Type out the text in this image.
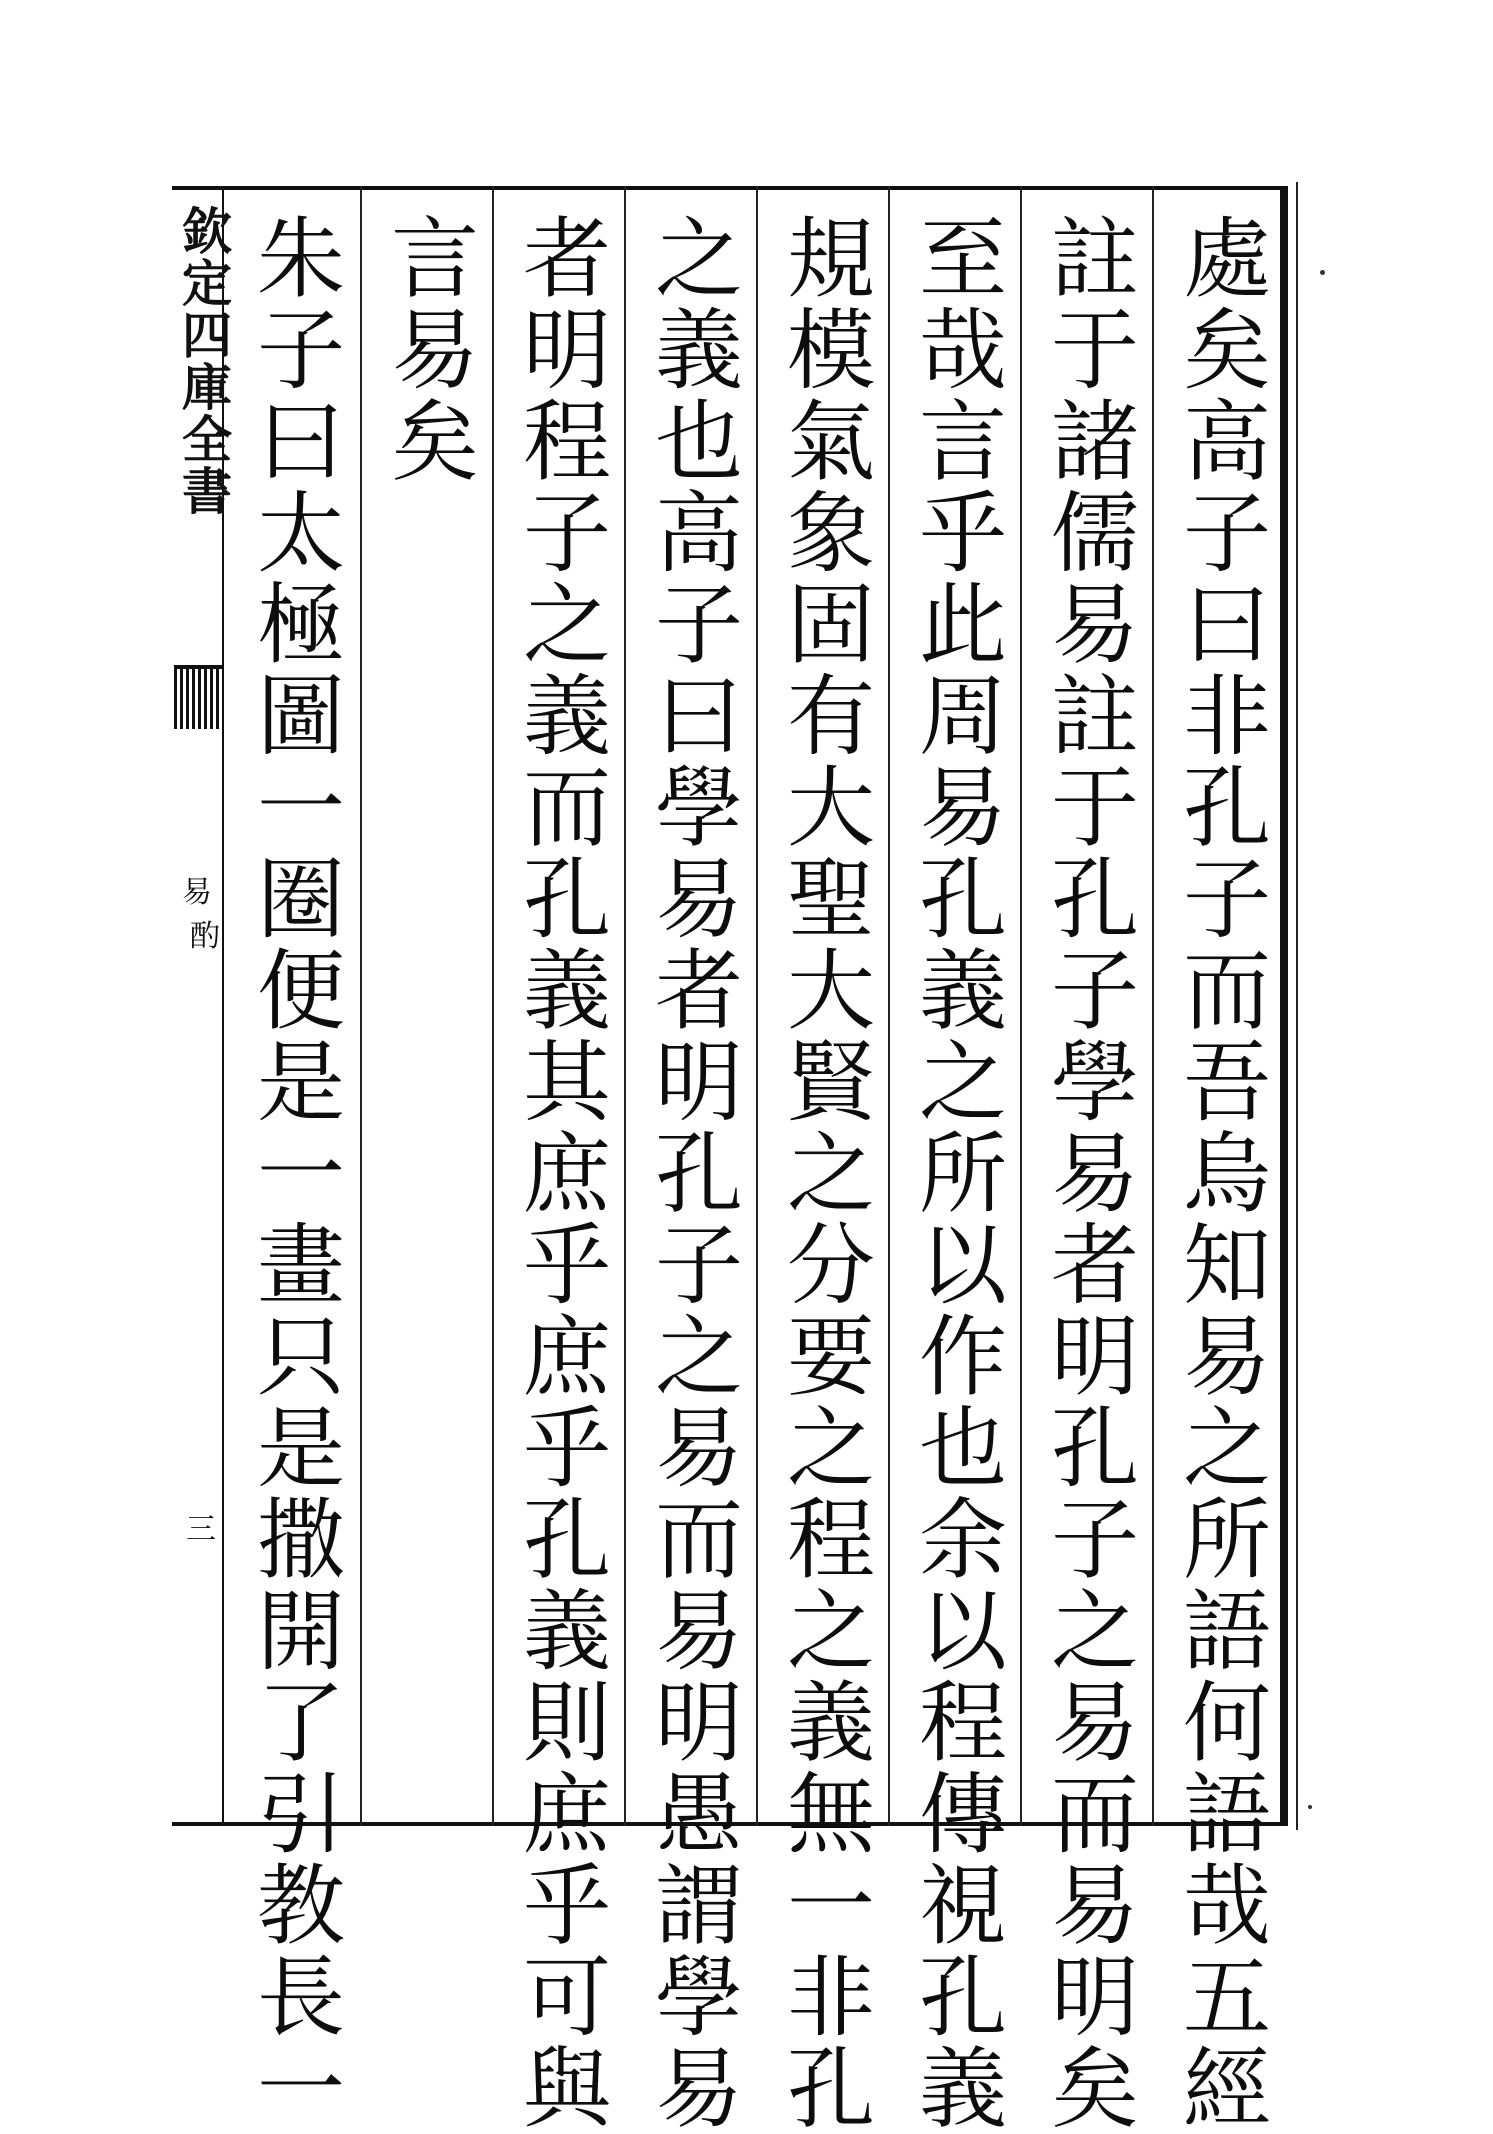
欽定四庫全書
易
酌
三	處矣高子曰非孔子而吾烏知易之所語何語哉五經
註于諸儒易註于孔子學易者明孔子之易而易明矣
至哉言乎此周易孔義之所以作也余以程傳視孔義
規模氣象固有大聖大賢之分要之程之義無一非孔
之義也高子曰學易者明孔子之易而易明愚謂學易
者明程子之義而孔義其庶乎庶乎孔義則庶乎可與
言易矣
朱子曰太極圖一圈便是一畫只是撒開了引教長一
